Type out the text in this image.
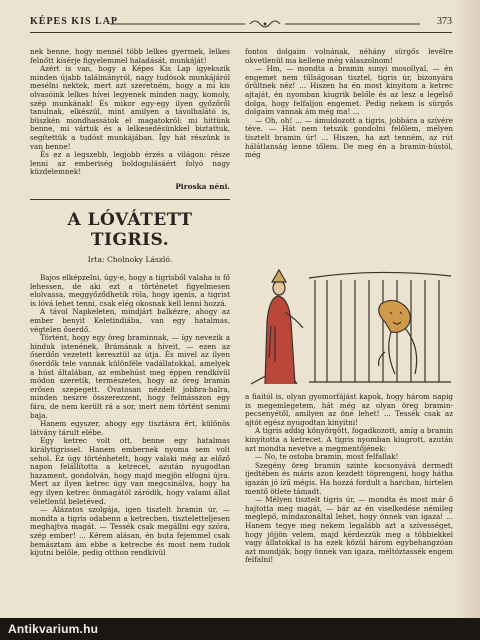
KÉPES KIS LAP	373

nek benne, hogy mennél több lelkes gyermek, lelkes felnőtt kísérje figyelemmel haladását, munkáját!

Azért is van, hogy a Képes Kis Lap igyekszik minden újabb találmányról, nagy tudósok munkájáról mesélni nektek, mert azt szeretném, hogy a mi kis olvasóink lelkes hívei legyenek minden nagy, komoly, szép munkának! És mikor egy-egy ilyen győzőről tanulnak, elkészül, mint amilyen a távolbalátó is, büszkén mondhassátok el magatokról: mi hittünk benne, mi vártuk és a lelkesedésünkkel biztattuk, segítettük a tudóst munkájában. Így hát részünk is van benne!

És ez a legszebb, legjobb érzés a világon: része lenni az emberiség boldogulásáért folyó nagy küzdelemnek!

Piroska néni.

A LÓVÁTETT TIGRIS.

Irta: Cholnoky László.

Bajos elképzelni, úgy-e, hogy a tigrisből valaha is fő lehessen, de aki ezt a történetet figyelmesen elolvassa, meggyőződhetik róla, hogy igenis, a tigrist is lóvá lehet tenni, csak elég okosnak kell lenni hozzá.

A távol Napkeleten, mindjárt balkézre, ahogy az ember benyit Keletindiába, van egy hatalmas, végtelen őserdő.

Történt, hogy egy öreg braminnak, — így nevezik a hinduk istenének, Brámának a híveit, — ezen az őserdőn vezetett keresztül az útja. És mivel az ilyen őserdők tele vannak különféle vadállatokkal, amelyek a húst általában, az embehúst meg éppen rendkívül módon szeretik, természetes, hogy az öreg bramin erősen szepegett. Óvatosan nézdelt jobbra-balra, minden neszre összerezzent, hogy felmásszon egy fára, de nem került rá a sor, mert nem történt semmi baja.

Hanem egyszer, ahogy egy tisztásra ért, különös látvány tárult elébe.

Egy ketrec volt ott, benne egy hatalmas királytigrissel. Hanem embernek nyoma sem volt sehol. Ez úgy történhetett, hogy valaki még az előző napon felállította a ketrecet, azután nyugodtan hazament, gondolván, hogy majd megjön elfogni újra. Mert az ilyen ketrec úgy van megcsinálva, hogy ha egy ilyen ketrec önmagától záródik, hogy valami állat véletlenül beletéved.

— Alázatos szolgája, igen tisztelt bramin úr, — mondta a tigris odabenn a ketrecben, tiszteletteljesen meghajtva magát. — Tessék csak megállni egy szóra, szép ember! ... Kérem alásan, én buta fejemmel csak bemásztam ám ebbe a ketrecbe és most nem tudok kijutni belőle, pedig otthon rendkívül

fontos dolgaim volnának, néhány sürgős levélre okvetlenül ma kellene még válaszolnom!

— Hm, — mondta a bramin sunyi mosollyal, — én engemet nem tűlságosan tisztel, tigris úr, bizonyára őrültnek néz! ... Hiszen ha én most kinyitom a ketrec ajtaját, én nyomban kiugrik belőle és az lesz a legelső dolga, hogy felfaljon engemet. Pedig nekem is sürgős dolgaim vannak ám még ma! ...

— Oh, oh! ... — ámuldozott a tigris, jobbára a szívére téve. — Hát nem tetszik gondolni felőlem, mélyen tisztelt bramin úr! ... Hiszen, ha azt tenném, az rút hálátlanság lenne tőlem. De meg én a bramin-hústól, még

a fiaitól is, olyan gyomorfájást kapok, hogy három napig is megemlegetem, hát még az olyan öreg bramin-pecsenyétől, amilyen az öné lehet! ... Tessék csak az ajtót egész nyugodtan kinyitni!

A tigris addig könyörgött, fogadkozott, amíg a bramin kinyitotta a ketrecet. A tigris nyomban kiugrott, azután azt mondta nevetve a megmentőjének:

— No, te ostoba bramin, most felfallak!

Szegény öreg bramin szinte kocsonyává dermedt ijedtében és máris azon kezdett töprengeni, hogy hátha igazán jó ízű mégis. Ha hozzá fordult a harcban, hirtelen mentő ötlete támadt.

— Mélyen tisztelt tigris úr, — mondta és most már ő hajtotta meg magát, — bár az én viselkedése némileg meglepő, mindazonáltal lehet, hogy önnek van igaza! ... Hanem tegye meg nekem legalább azt a szívességet, hogy jöjjön velem, majd kérdezzük meg a többiekkel vagy állatokkal is ha ezek közül három egybehangzóan azt mondják, hogy önnek van igaza, méltóztassék engem felfalni!

Antikvarium.hu
